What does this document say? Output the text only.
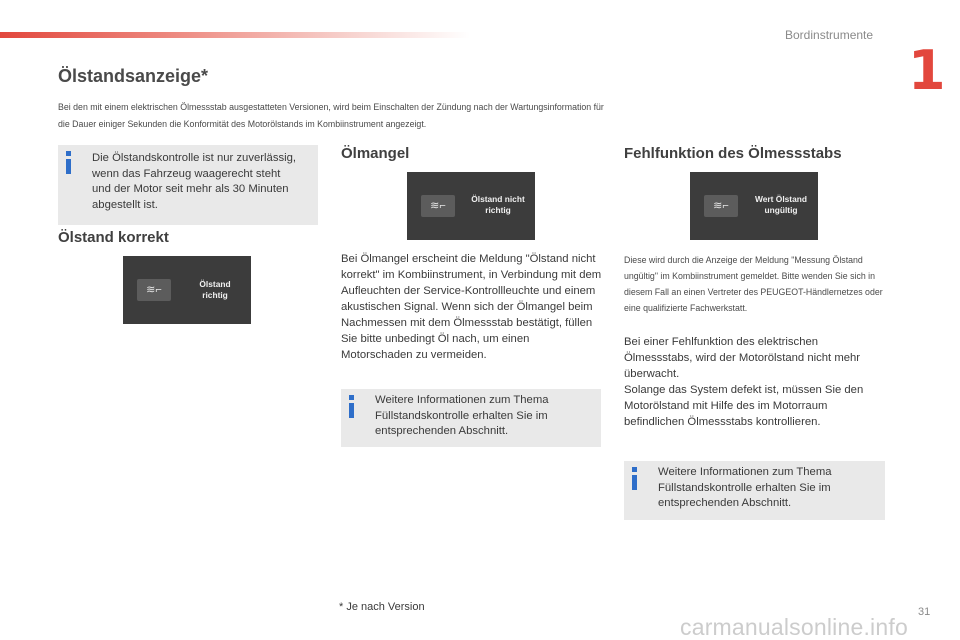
Bordinstrumente
1
Ölstandsanzeige*

Bei den mit einem elektrischen Ölmessstab ausgestatteten Versionen, wird beim Einschalten der Zündung nach der Wartungsinformation für die Dauer einiger Sekunden die Konformität des Motorölstands im Kombiinstrument angezeigt.

Die Ölstandskontrolle ist nur zuverlässig, wenn das Fahrzeug waagerecht steht und der Motor seit mehr als 30 Minuten abgestellt ist.

Ölstand korrekt
≋⌐	Ölstand
richtig
Ölmangel
≋⌐
Ölstand nicht
richtig

Bei Ölmangel erscheint die Meldung "Ölstand nicht korrekt" im Kombiinstrument, in Verbindung mit dem Aufleuchten der Service-Kontrollleuchte und einem akustischen Signal. Wenn sich der Ölmangel beim Nachmessen mit dem Ölmessstab bestätigt, füllen Sie bitte unbedingt Öl nach, um einen Motorschaden zu vermeiden.

Weitere Informationen zum Thema Füllstandskontrolle erhalten Sie im entsprechenden Abschnitt.

Fehlfunktion des Ölmessstabs
≋⌐
Wert Ölstand
ungültig

Diese wird durch die Anzeige der Meldung "Messung Ölstand ungültig" im Kombiinstrument gemeldet. Bitte wenden Sie sich in diesem Fall an einen Vertreter des PEUGEOT-Händlernetzes oder eine qualifizierte Fachwerkstatt.

Bei einer Fehlfunktion des elektrischen Ölmessstabs, wird der Motorölstand nicht mehr überwacht.

Solange das System defekt ist, müssen Sie den Motorölstand mit Hilfe des im Motorraum befindlichen Ölmessstabs kontrollieren.

Weitere Informationen zum Thema Füllstandskontrolle erhalten Sie im entsprechenden Abschnitt.

* Je nach Version	31
carmanualsonline.info
